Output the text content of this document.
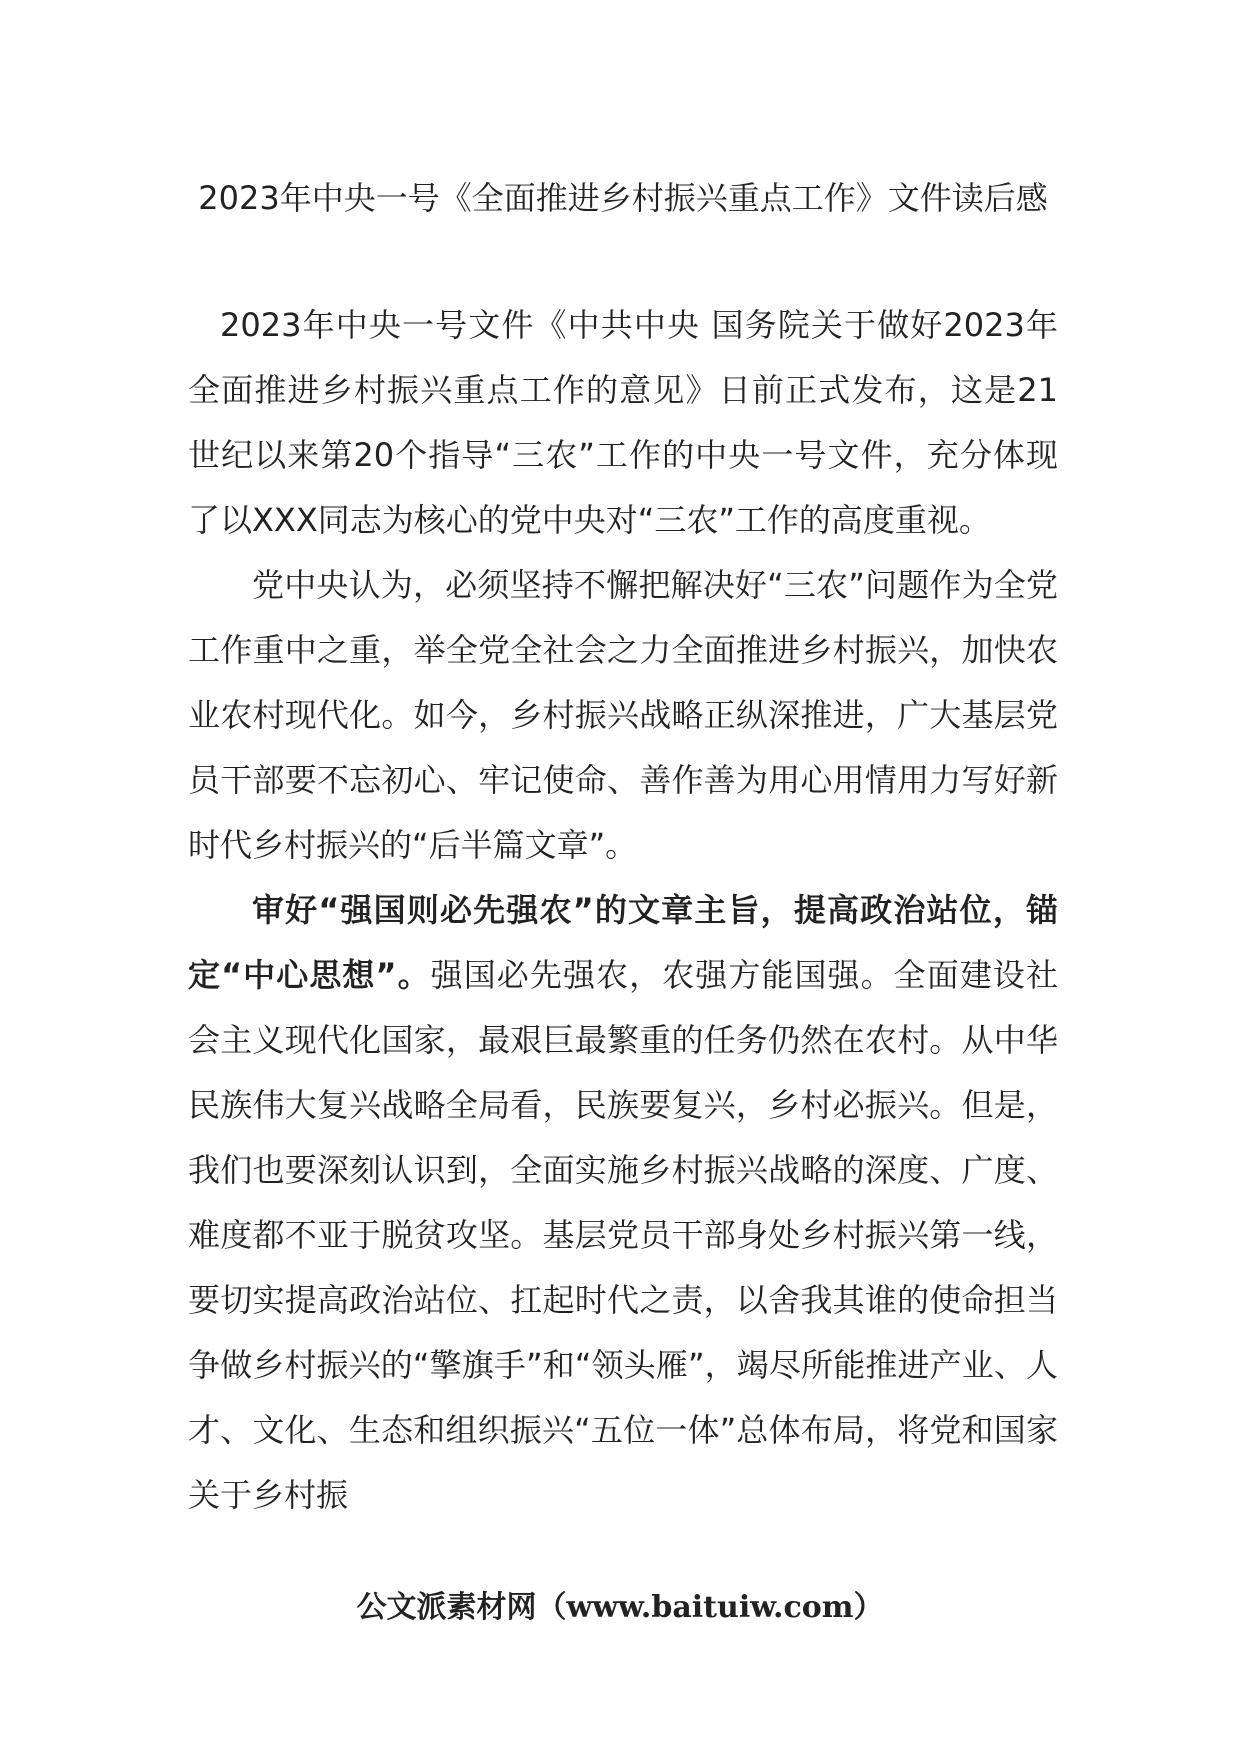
2023年中央一号《全面推进乡村振兴重点工作》文件读后感

2023年中央一号文件《中共中央 国务院关于做好2023年全面推进乡村振兴重点工作的意见》日前正式发布，这是21世纪以来第20个指导“三农”工作的中央一号文件，充分体现了以XXX同志为核心的党中央对“三农”工作的高度重视。

党中央认为，必须坚持不懈把解决好“三农”问题作为全党工作重中之重，举全党全社会之力全面推进乡村振兴，加快农业农村现代化。如今，乡村振兴战略正纵深推进，广大基层党员干部要不忘初心、牢记使命、善作善为用心用情用力写好新时代乡村振兴的“后半篇文章”。

审好“强国则必先强农”的文章主旨，提高政治站位，锚定“中心思想”。强国必先强农，农强方能国强。全面建设社会主义现代化国家，最艰巨最繁重的任务仍然在农村。从中华民族伟大复兴战略全局看，民族要复兴，乡村必振兴。但是，我们也要深刻认识到，全面实施乡村振兴战略的深度、广度、难度都不亚于脱贫攻坚。基层党员干部身处乡村振兴第一线，要切实提高政治站位、扛起时代之责，以舍我其谁的使命担当争做乡村振兴的“擎旗手”和“领头雁”，竭尽所能推进产业、人才、文化、生态和组织振兴“五位一体”总体布局，将党和国家关于乡村振

公文派素材网（www.baituiw.com）
